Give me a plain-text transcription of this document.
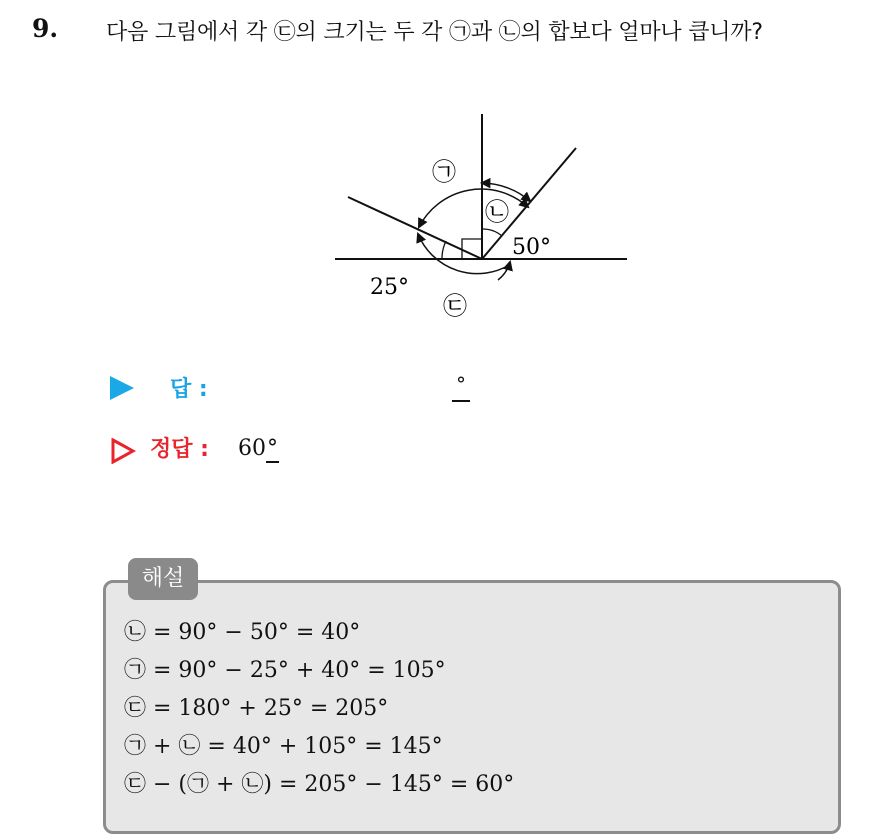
9. 다음 그림에서 각 ㉢의 크기는 두 각 ㉠과 ㉡의 합보다 얼마나 큽니까?
㉠
㉡
㉢
50°
25°
답 :	°
정답 : 60°
해설
㉡ = 90° − 50° = 40°
㉠ = 90° − 25° + 40° = 105°
㉢ = 180° + 25° = 205°
㉠ + ㉡ = 40° + 105° = 145°
㉢ − (㉠ + ㉡) = 205° − 145° = 60°
